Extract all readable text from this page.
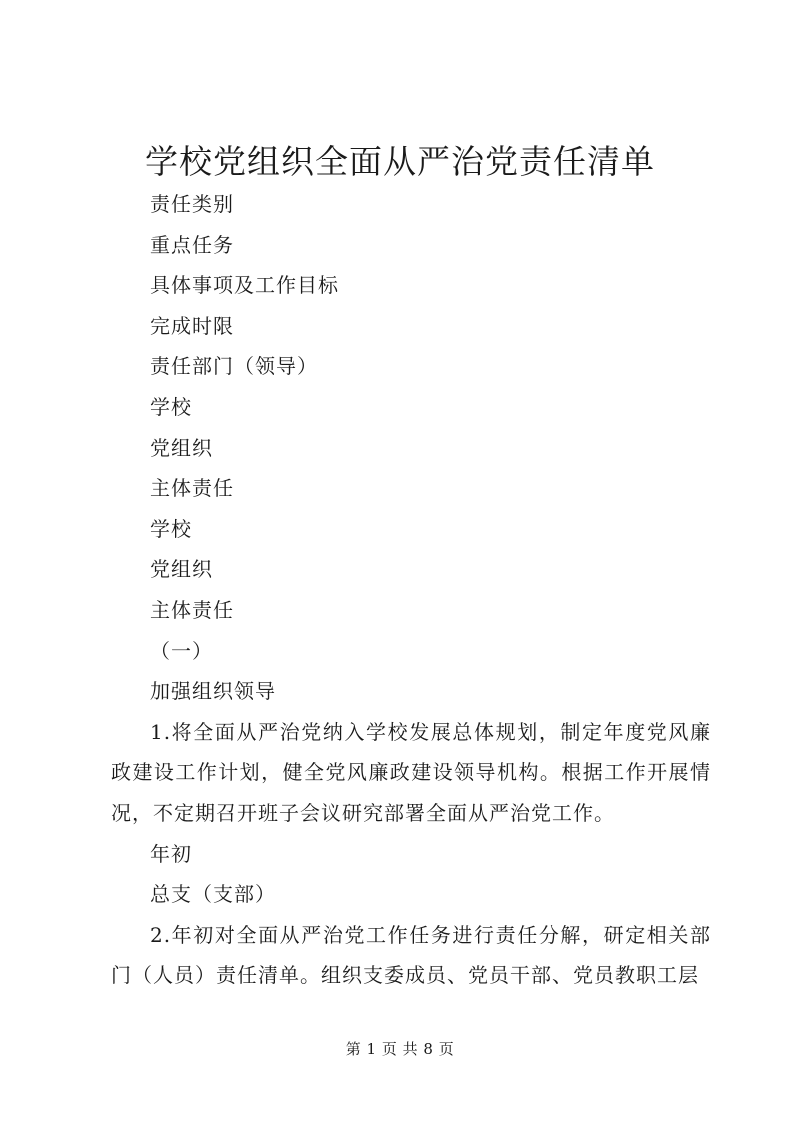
学校党组织全面从严治党责任清单
责任类别
重点任务
具体事项及工作目标
完成时限
责任部门（领导）
学校
党组织
主体责任
学校
党组织
主体责任
（一）
加强组织领导

1.将全面从严治党纳入学校发展总体规划，制定年度党风廉政建设工作计划，健全党风廉政建设领导机构。根据工作开展情况，不定期召开班子会议研究部署全面从严治党工作。

年初
总支（支部）

2.年初对全面从严治党工作任务进行责任分解，研定相关部门（人员）责任清单。组织支委成员、党员干部、党员教职工层

第 1 页 共 8 页
